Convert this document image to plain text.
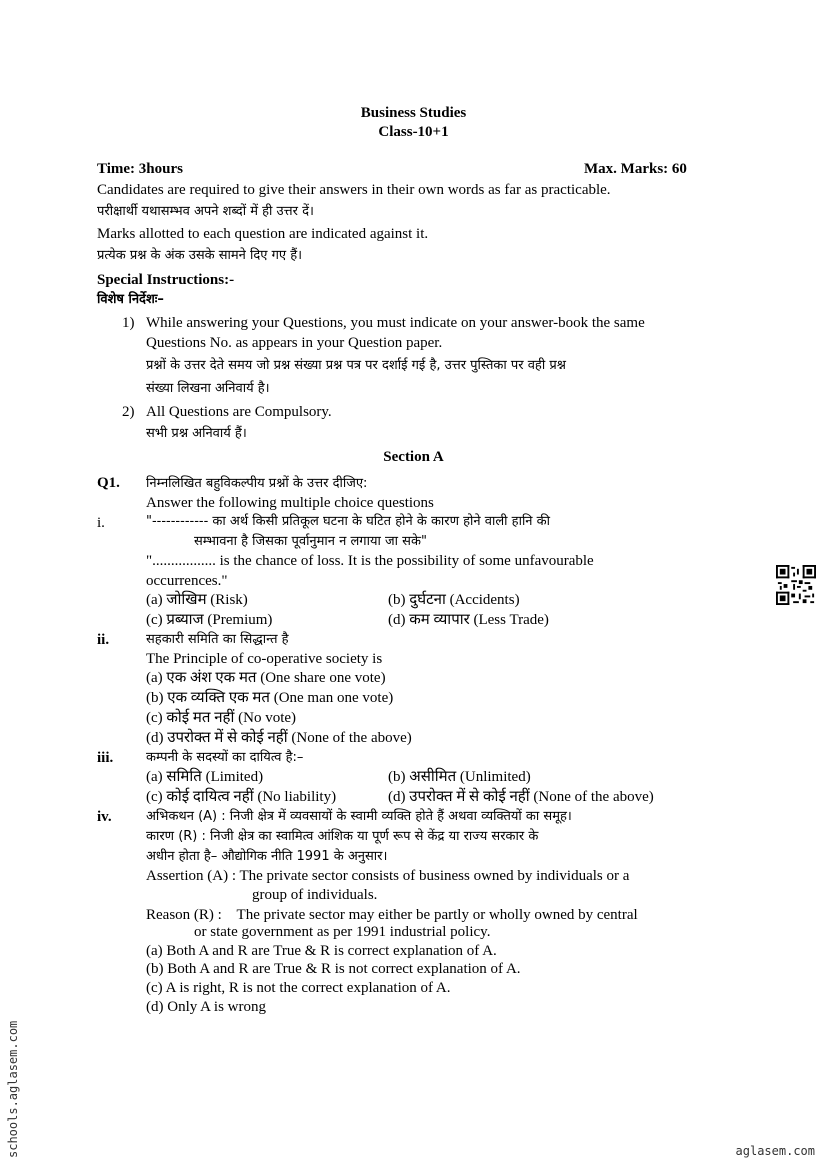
Business Studies
Class-10+1
Time: 3hours	Max. Marks: 60
Candidates are required to give their answers in their own words as far as practicable.
परीक्षार्थी यथासम्भव अपने शब्दों में ही उत्तर दें।
Marks allotted to each question are indicated against it.
प्रत्येक प्रश्न के अंक उसके सामने दिए गए हैं।
Special Instructions:-
विशेष निर्देशः–
1) While answering your Questions, you must indicate on your answer-book the same
Questions No. as appears in your Question paper.
प्रश्नों के उत्तर देते समय जो प्रश्न संख्या प्रश्न पत्र पर दर्शाई गई है, उत्तर पुस्तिका पर वही प्रश्न
संख्या लिखना अनिवार्य है।
2) All Questions are Compulsory.
सभी प्रश्न अनिवार्य हैं।
Section A
Q1. निम्नलिखित बहुविकल्पीय प्रश्नों के उत्तर दीजिए:
Answer the following multiple choice questions
i.	"------------ का अर्थ किसी प्रतिकूल घटना के घटित होने के कारण होने वाली हानि की
सम्भावना है जिसका पूर्वानुमान न लगाया जा सके"
"................. is the chance of loss. It is the possibility of some unfavourable
occurrences."
(a) जोखिम (Risk)	(b) दुर्घटना (Accidents)
(c) प्रब्याज (Premium)	(d) कम व्यापार (Less Trade)
ii.	सहकारी समिति का सिद्धान्त है
The Principle of co-operative society is
(a) एक अंश एक मत (One share one vote)
(b) एक व्यक्ति एक मत (One man one vote)
(c) कोई मत नहीं (No vote)
(d) उपरोक्त में से कोई नहीं (None of the above)
iii.	कम्पनी के सदस्यों का दायित्व है:–
(a) समिति (Limited)	(b) असीमित (Unlimited)
(c) कोई दायित्व नहीं (No liability)	(d) उपरोक्त में से कोई नहीं (None of the above)
iv.	अभिकथन (A) : निजी क्षेत्र में व्यवसायों के स्वामी व्यक्ति होते हैं अथवा व्यक्तियों का समूह।
कारण (R) : निजी क्षेत्र का स्वामित्व आंशिक या पूर्ण रूप से केंद्र या राज्य सरकार के
अधीन होता है– औद्योगिक नीति 1991 के अनुसार।
Assertion (A) : The private sector consists of business owned by individuals or a
group of individuals.
Reason (R) :    The private sector may either be partly or wholly owned by central
or state government as per 1991 industrial policy.
(a) Both A and R are True & R is correct explanation of A.
(b) Both A and R are True & R is not correct explanation of A.
(c) A is right, R is not the correct explanation of A.
(d) Only A is wrong
schools.aglasem.com	aglasem.com
